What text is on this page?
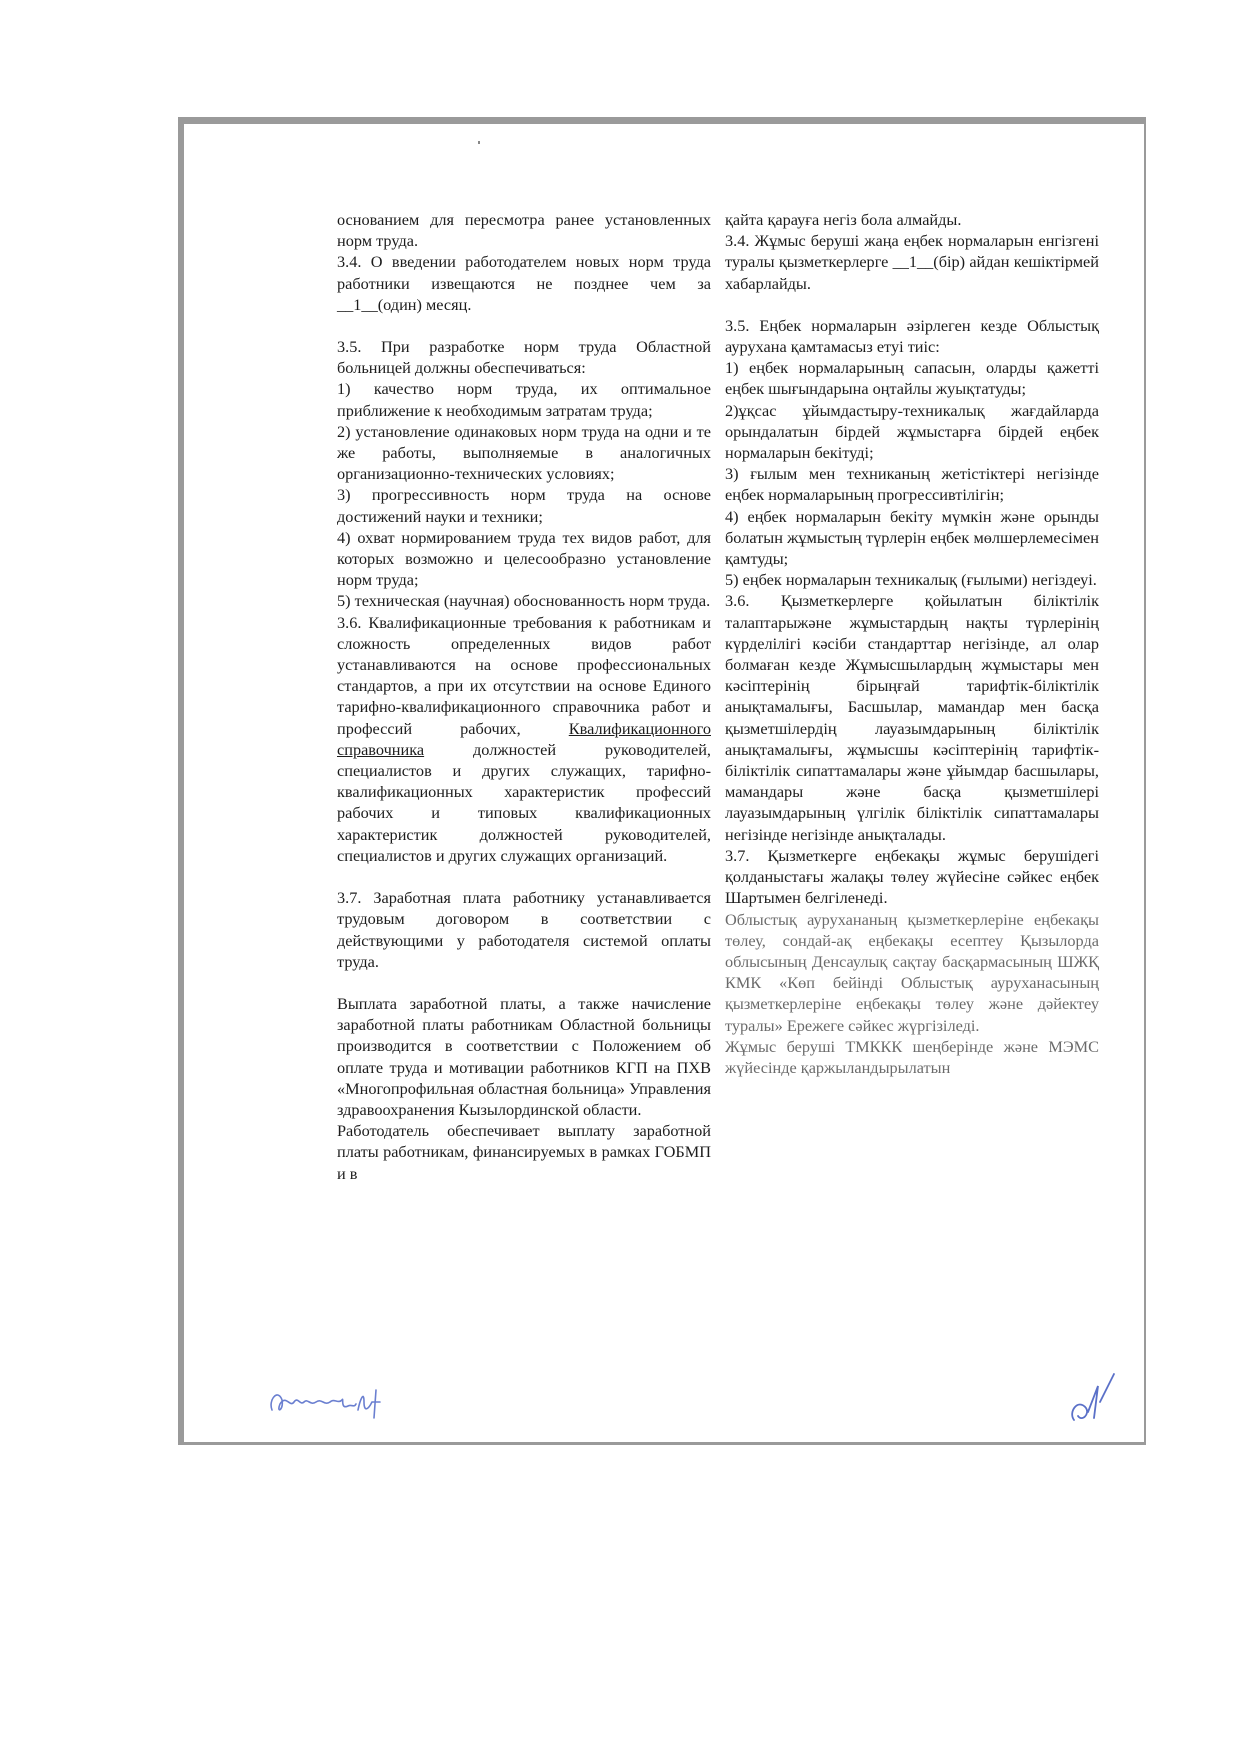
основанием для пересмотра ранее установленных норм труда.

3.4. О введении работодателем новых норм труда работники извещаются не позднее чем за __1__(один) месяц.

3.5. При разработке норм труда Областной больницей должны обеспечиваться:

1) качество норм труда, их оптимальное приближение к необходимым затратам труда;

2) установление одинаковых норм труда на одни и те же работы, выполняемые в аналогичных организационно-технических условиях;

3) прогрессивность норм труда на основе достижений науки и техники;

4) охват нормированием труда тех видов работ, для которых возможно и целесообразно установление норм труда;

5) техническая (научная) обоснованность норм труда.

3.6. Квалификационные требования к работникам и сложность определенных видов работ устанавливаются на основе профессиональных стандартов, а при их отсутствии на основе Единого тарифно-квалификационного справочника работ и профессий рабочих, Квалификационного справочника должностей руководителей, специалистов и других служащих, тарифно-квалификационных характеристик профессий рабочих и типовых квалификационных характеристик должностей руководителей, специалистов и других служащих организаций.

3.7. Заработная плата работнику устанавливается трудовым договором в соответствии с действующими у работодателя системой оплаты труда.

Выплата заработной платы, а также начисление заработной платы работникам Областной больницы производится в соответствии с Положением об оплате труда и мотивации работников КГП на ПХВ «Многопрофильная областная больница» Управления здравоохранения Кызылординской области.

Работодатель обеспечивает выплату заработной платы работникам, финансируемых в рамках ГОБМП и в

қайта қарауға негіз бола алмайды.

3.4. Жұмыс беруші жаңа еңбек нормаларын енгізгені туралы қызметкерлерге __1__(бір) айдан кешіктірмей хабарлайды.

3.5. Еңбек нормаларын әзірлеген кезде Облыстық аурухана қамтамасыз етуі тиіс:

1) еңбек нормаларының сапасын, оларды қажетті еңбек шығындарына оңтайлы жуықтатуды;

2)ұқсас ұйымдастыру-техникалық жағдайларда орындалатын бірдей жұмыстарға бірдей еңбек нормаларын бекітуді;

3) ғылым мен техниканың жетістіктері негізінде еңбек нормаларының прогрессивтілігін;

4) еңбек нормаларын бекіту мүмкін және орынды болатын жұмыстың түрлерін еңбек мөлшерлемесімен қамтуды;

5) еңбек нормаларын техникалық (ғылыми) негіздеуі.

3.6. Қызметкерлерге қойылатын біліктілік талаптарыжәне жұмыстардың нақты түрлерінің күрделілігі кәсіби стандарттар негізінде, ал олар болмаған кезде Жұмысшылардың жұмыстары мен кәсіптерінің бірыңғай тарифтік-біліктілік анықтамалығы, Басшылар, мамандар мен басқа қызметшілердің лауазымдарының біліктілік анықтамалығы, жұмысшы кәсіптерінің тарифтік-біліктілік сипаттамалары және ұйымдар басшылары, мамандары және басқа қызметшілері лауазымдарының үлгілік біліктілік сипаттамалары негізінде негізінде анықталады.

3.7. Қызметкерге еңбекақы жұмыс берушідегі қолданыстағы жалақы төлеу жүйесіне сәйкес еңбек Шартымен белгіленеді.

Облыстық аурухананың қызметкерлеріне еңбекақы төлеу, сондай-ақ еңбекақы есептеу Қызылорда облысының Денсаулық сақтау басқармасының ШЖҚ КМК «Көп бейінді Облыстық ауруханасының қызметкерлеріне еңбекақы төлеу және дәйектеу туралы» Ережеге сәйкес жүргізіледі.

Жұмыс беруші ТМККК шеңберінде және МЭМС жүйесінде қаржыландырылатын
